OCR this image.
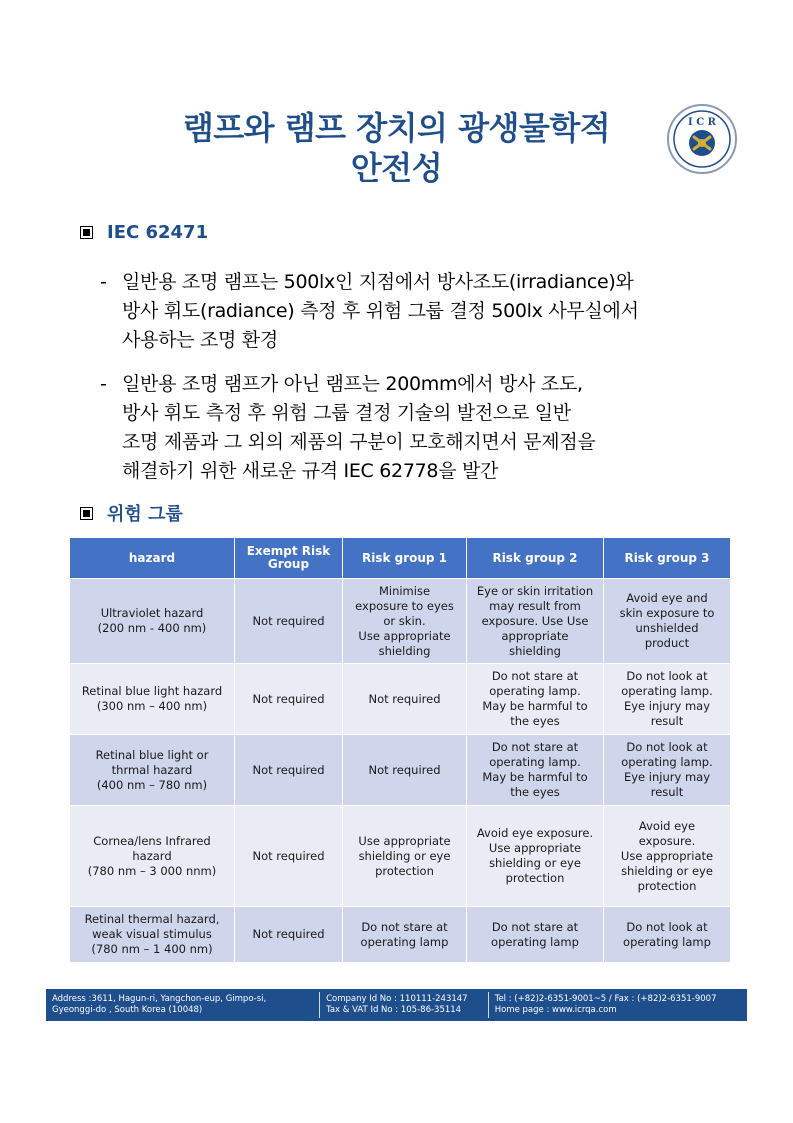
램프와 램프 장치의 광생물학적
안전성
I C R
IEC 62471
- 일반용 조명 램프는 500lx인 지점에서 방사조도(irradiance)와
방사 휘도(radiance) 측정 후 위험 그룹 결정 500lx 사무실에서
사용하는 조명 환경
- 일반용 조명 램프가 아닌 램프는 200mm에서 방사 조도,
방사 휘도 측정 후 위험 그룹 결정 기술의 발전으로 일반
조명 제품과 그 외의 제품의 구분이 모호해지면서 문제점을
해결하기 위한 새로운 규격 IEC 62778을 발간
위험 그룹
hazard	Exempt Risk
Group	Risk group 1	Risk group 2	Risk group 3
Ultraviolet hazard
(200 nm - 400 nm)	Not required	Minimise
exposure to eyes
or skin.
Use appropriate
shielding	Eye or skin irritation
may result from
exposure. Use Use
appropriate
shielding	Avoid eye and
skin exposure to
unshielded
product
Retinal blue light hazard
(300 nm – 400 nm)	Not required	Not required	Do not stare at
operating lamp.
May be harmful to
the eyes	Do not look at
operating lamp.
Eye injury may
result
Retinal blue light or
thrmal hazard
(400 nm – 780 nm)	Not required	Not required	Do not stare at
operating lamp.
May be harmful to
the eyes	Do not look at
operating lamp.
Eye injury may
result
Cornea/lens Infrared
hazard
(780 nm – 3 000 nnm)	Not required	Use appropriate
shielding or eye
protection	Avoid eye exposure.
Use appropriate
shielding or eye
protection	Avoid eye
exposure.
Use appropriate
shielding or eye
protection
Retinal thermal hazard,
weak visual stimulus
(780 nm – 1 400 nm)	Not required	Do not stare at
operating lamp	Do not stare at
operating lamp	Do not look at
operating lamp
Address :3611, Hagun-ri, Yangchon-eup, Gimpo-si,
Gyeonggi-do , South Korea (10048)
Company Id No : 110111-243147
Tax & VAT Id No : 105-86-35114
Tel : (+82)2-6351-9001~5 / Fax : (+82)2-6351-9007
Home page : www.icrqa.com
